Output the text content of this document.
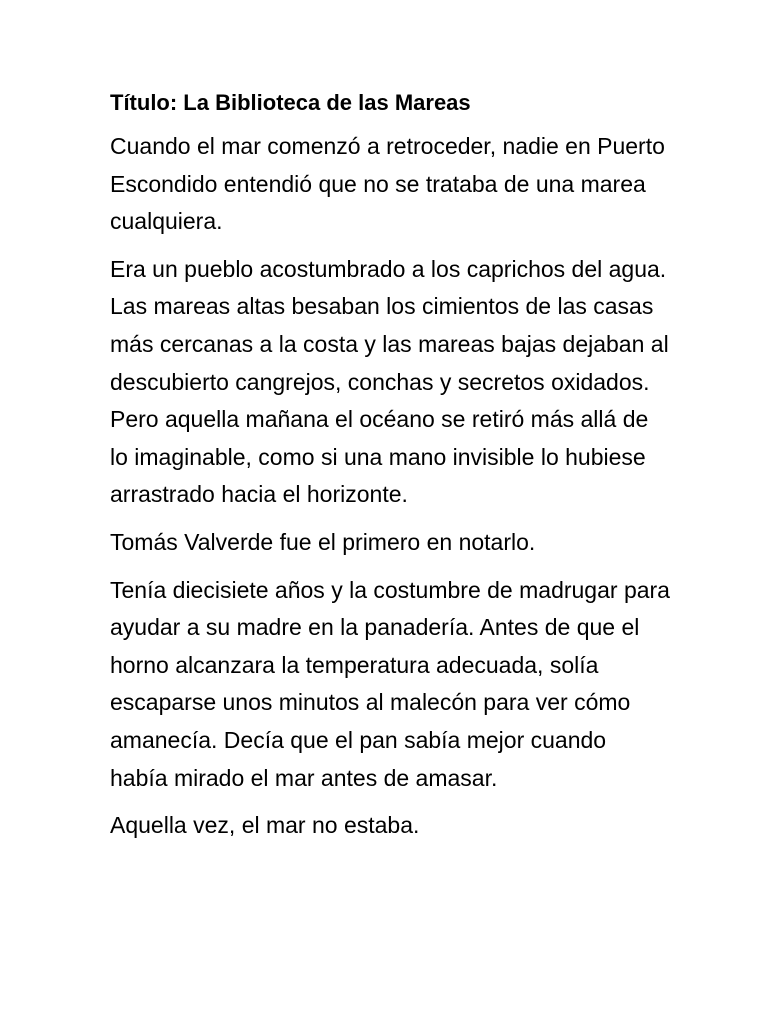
Título: La Biblioteca de las Mareas

Cuando el mar comenzó a retroceder, nadie en Puerto Escondido entendió que no se trataba de una marea cualquiera.

Era un pueblo acostumbrado a los caprichos del agua. Las mareas altas besaban los cimientos de las casas más cercanas a la costa y las mareas bajas dejaban al descubierto cangrejos, conchas y secretos oxidados. Pero aquella mañana el océano se retiró más allá de lo imaginable, como si una mano invisible lo hubiese arrastrado hacia el horizonte.

Tomás Valverde fue el primero en notarlo.

Tenía diecisiete años y la costumbre de madrugar para ayudar a su madre en la panadería. Antes de que el horno alcanzara la temperatura adecuada, solía escaparse unos minutos al malecón para ver cómo amanecía. Decía que el pan sabía mejor cuando había mirado el mar antes de amasar.

Aquella vez, el mar no estaba.
